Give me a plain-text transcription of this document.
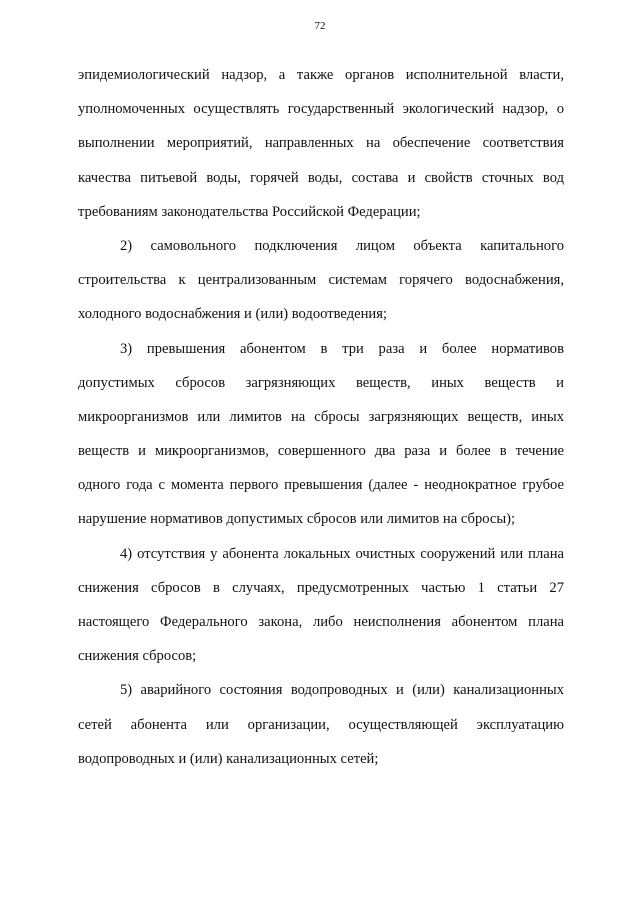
72
эпидемиологический надзор, а также органов исполнительной власти,
уполномоченных осуществлять государственный экологический надзор, о
выполнении мероприятий, направленных на обеспечение соответствия
качества питьевой воды, горячей воды, состава и свойств сточных вод
требованиям законодательства Российской Федерации;
2) самовольного подключения лицом объекта капитального
строительства к централизованным системам горячего водоснабжения,
холодного водоснабжения и (или) водоотведения;
3) превышения абонентом в три раза и более нормативов
допустимых сбросов загрязняющих веществ, иных веществ и
микроорганизмов или лимитов на сбросы загрязняющих веществ, иных
веществ и микроорганизмов, совершенного два раза и более в течение
одного года с момента первого превышения (далее - неоднократное грубое
нарушение нормативов допустимых сбросов или лимитов на сбросы);
4) отсутствия у абонента локальных очистных сооружений или плана
снижения сбросов в случаях, предусмотренных частью 1 статьи 27
настоящего Федерального закона, либо неисполнения абонентом плана
снижения сбросов;
5) аварийного состояния водопроводных и (или) канализационных
сетей абонента или организации, осуществляющей эксплуатацию
водопроводных и (или) канализационных сетей;
